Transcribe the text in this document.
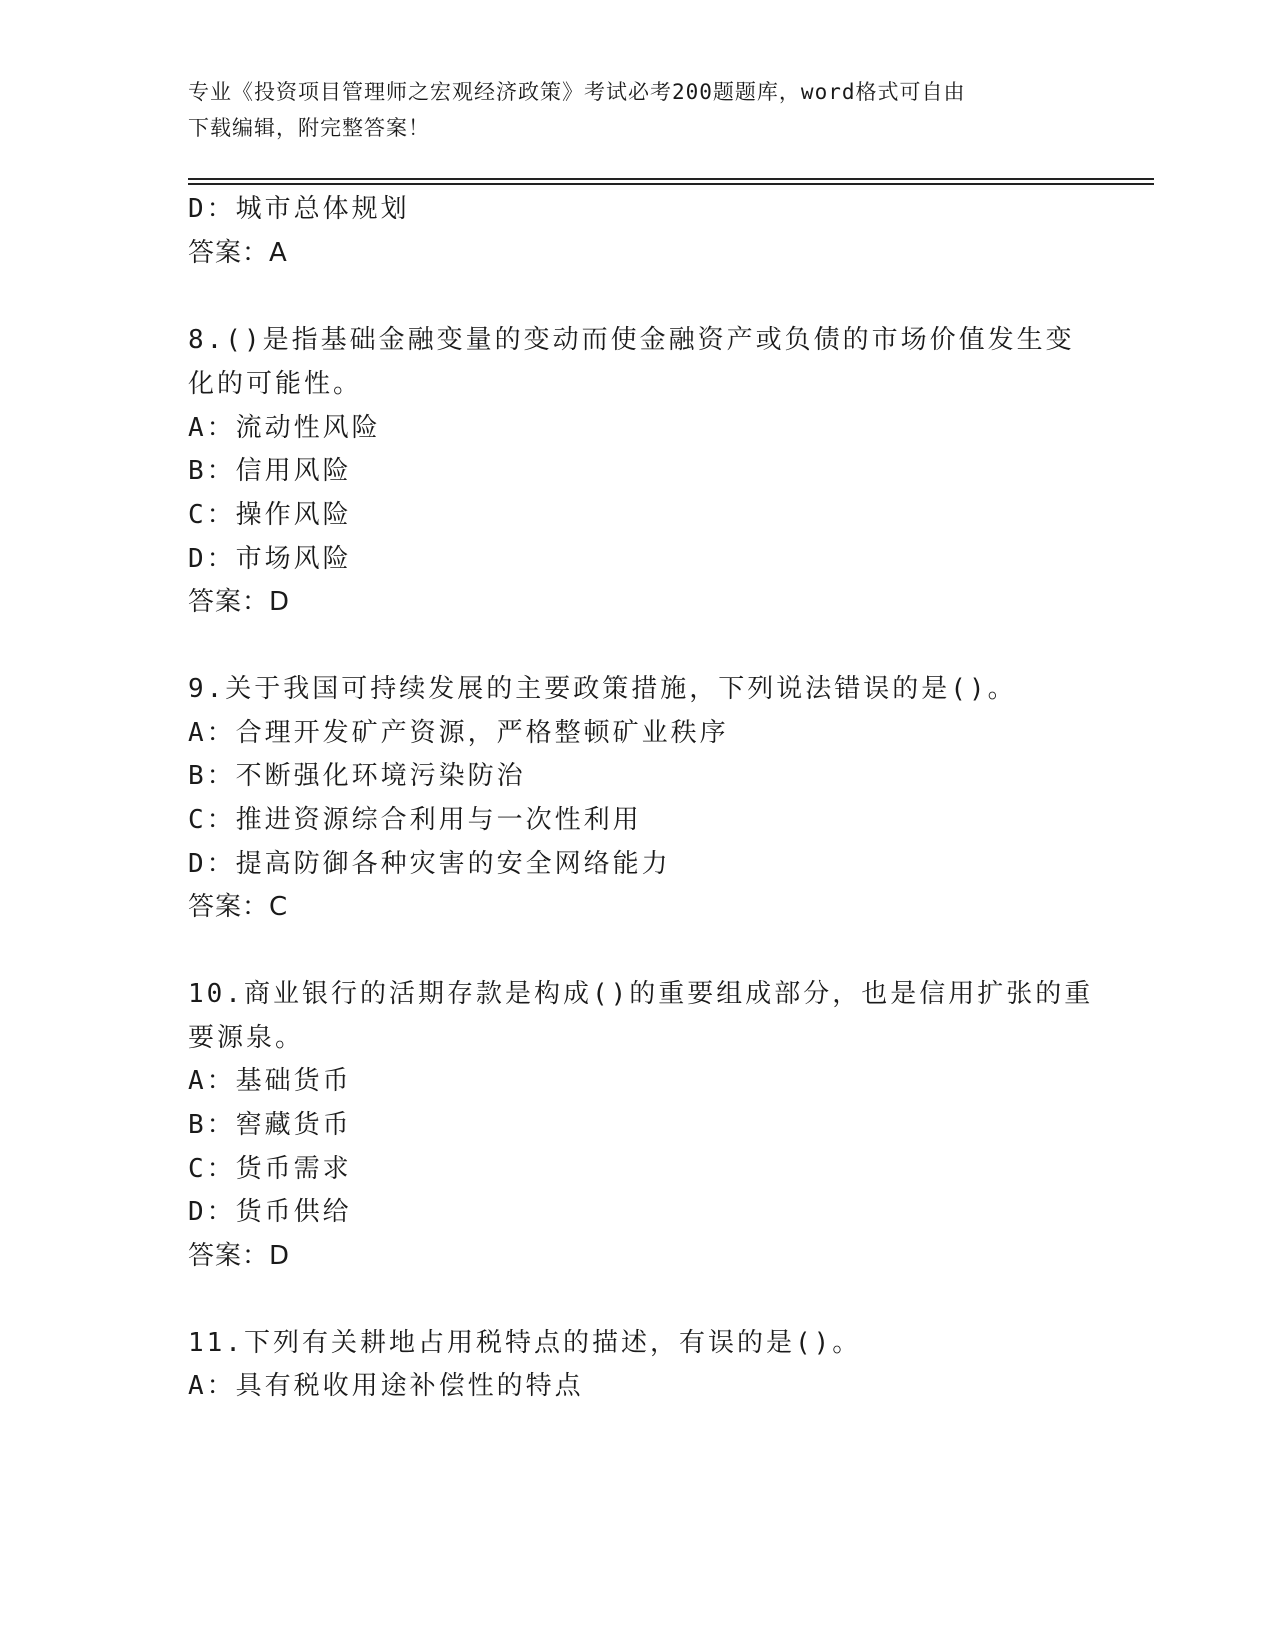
专业《投资项目管理师之宏观经济政策》考试必考200题题库，word格式可自由
下载编辑，附完整答案！
D：城市总体规划
答案：A
8.()是指基础金融变量的变动而使金融资产或负债的市场价值发生变
化的可能性。
A：流动性风险
B：信用风险
C：操作风险
D：市场风险
答案：D
9.关于我国可持续发展的主要政策措施，下列说法错误的是()。
A：合理开发矿产资源，严格整顿矿业秩序
B：不断强化环境污染防治
C：推进资源综合利用与一次性利用
D：提高防御各种灾害的安全网络能力
答案：C
10.商业银行的活期存款是构成()的重要组成部分，也是信用扩张的重
要源泉。
A：基础货币
B：窖藏货币
C：货币需求
D：货币供给
答案：D
11.下列有关耕地占用税特点的描述，有误的是()。
A：具有税收用途补偿性的特点
